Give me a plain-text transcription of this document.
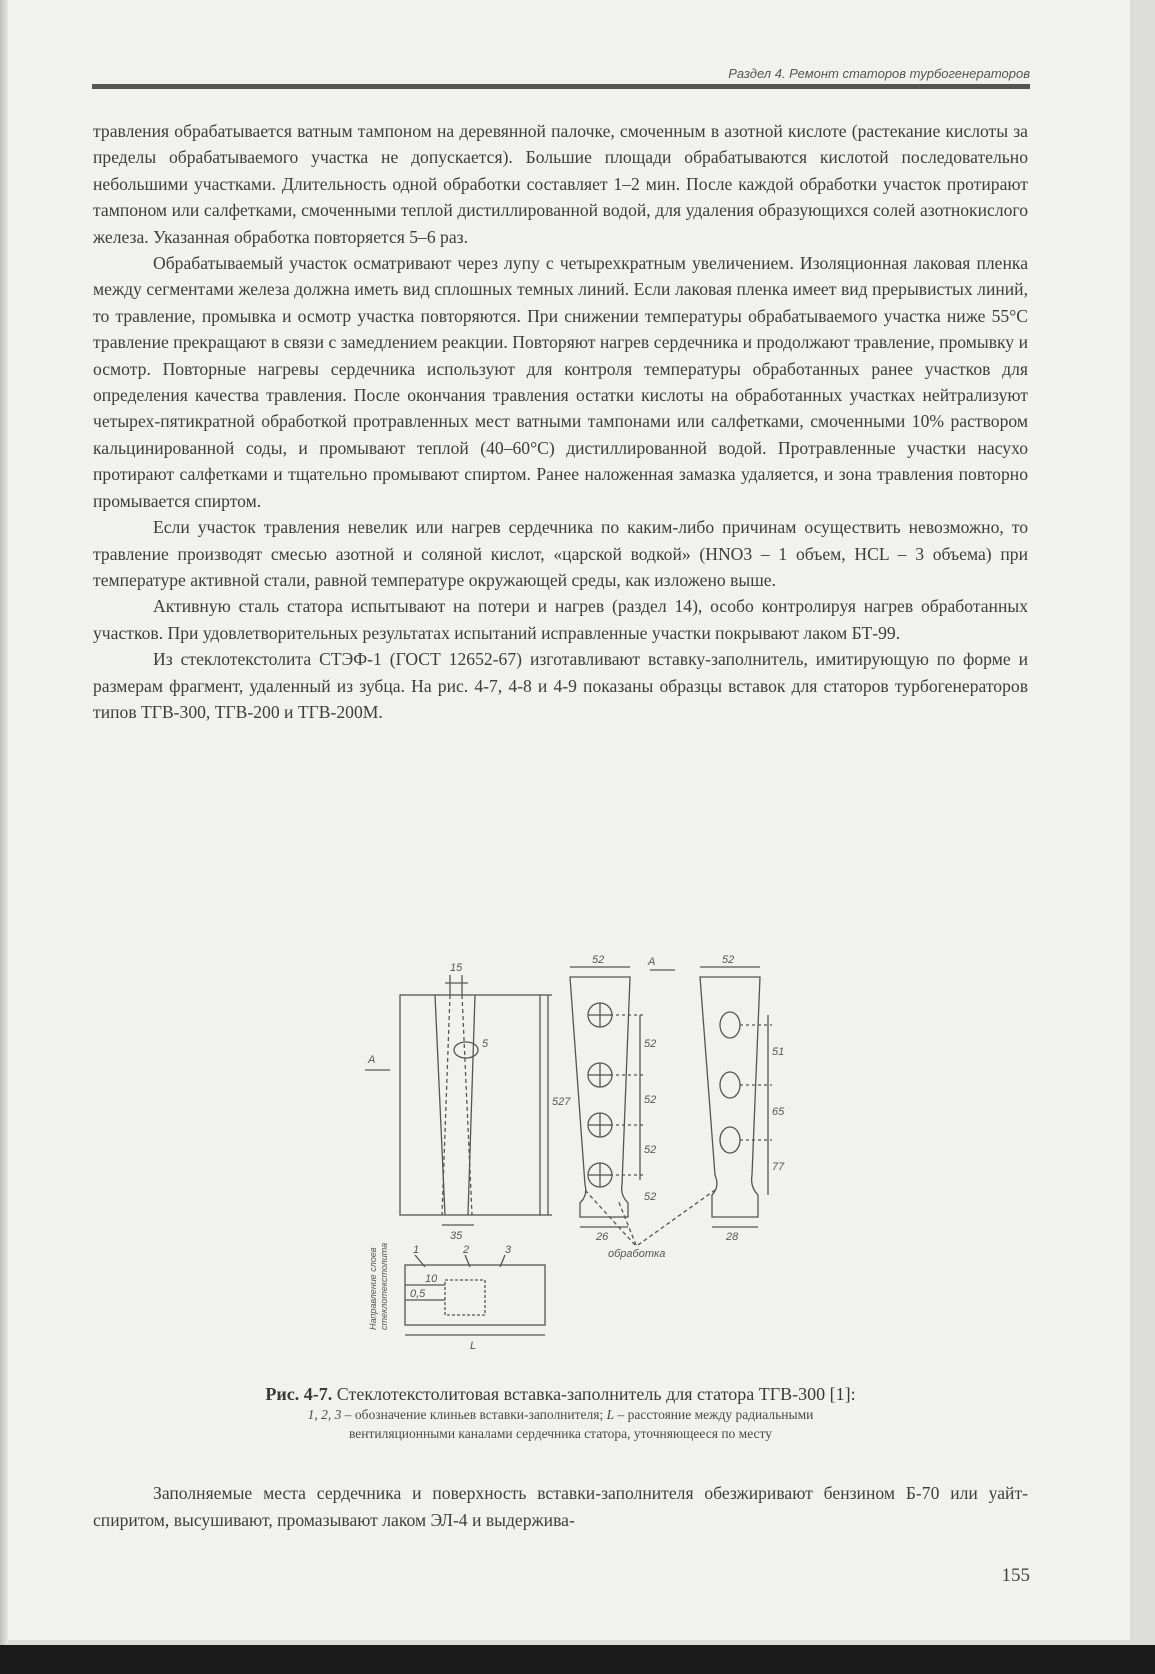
Раздел 4. Ремонт статоров турбогенераторов

травления обрабатывается ватным тампоном на деревянной палочке, смоченным в азотной кислоте (растекание кислоты за пределы обрабатываемого участка не допускается). Большие площади обрабатываются кислотой последовательно небольшими участками. Длительность одной обработки составляет 1–2 мин. После каждой обработки участок протирают тампоном или салфетками, смоченными теплой дистиллированной водой, для удаления образующихся солей азотнокислого железа. Указанная обработка повторяется 5–6 раз.

Обрабатываемый участок осматривают через лупу с четырехкратным увеличением. Изоляционная лаковая пленка между сегментами железа должна иметь вид сплошных темных линий. Если лаковая пленка имеет вид прерывистых линий, то травление, промывка и осмотр участка повторяются. При снижении температуры обрабатываемого участка ниже 55°С травление прекращают в связи с замедлением реакции. Повторяют нагрев сердечника и продолжают травление, промывку и осмотр. Повторные нагревы сердечника используют для контроля температуры обработанных ранее участков для определения качества травления. После окончания травления остатки кислоты на обработанных участках нейтрализуют четырех-пятикратной обработкой протравленных мест ватными тампонами или салфетками, смоченными 10% раствором кальцинированной соды, и промывают теплой (40–60°С) дистиллированной водой. Протравленные участки насухо протирают салфетками и тщательно промывают спиртом. Ранее наложенная замазка удаляется, и зона травления повторно промывается спиртом.

Если участок травления невелик или нагрев сердечника по каким-либо причинам осуществить невозможно, то травление производят смесью азотной и соляной кислот, «царской водкой» (HNO3 – 1 объем, HCL – 3 объема) при температуре активной стали, равной температуре окружающей среды, как изложено выше.

Активную сталь статора испытывают на потери и нагрев (раздел 14), особо контролируя нагрев обработанных участков. При удовлетворительных результатах испытаний исправленные участки покрывают лаком БТ-99.

Из стеклотекстолита СТЭФ-1 (ГОСТ 12652-67) изготавливают вставку-заполнитель, имитирующую по форме и размерам фрагмент, удаленный из зубца. На рис. 4-7, 4-8 и 4-9 показаны образцы вставок для статоров турбогенераторов типов ТГВ-300, ТГВ-200 и ТГВ-200М.

А
А
15
5
35
527
52	52
52
52
52
52
26
51
65
77
28
1	2	3
10
0,5
L
обработка
Направление слоев стеклотекстолита
Рис. 4-7. Стеклотекстолитовая вставка-заполнитель для статора ТГВ-300 [1]:
1, 2, 3 – обозначение клиньев вставки-заполнителя; L – расстояние между радиальными
вентиляционными каналами сердечника статора, уточняющееся по месту

Заполняемые места сердечника и поверхность вставки-заполнителя обезжиривают бензином Б-70 или уайт-спиритом, высушивают, промазывают лаком ЭЛ-4 и выдержива-

155
